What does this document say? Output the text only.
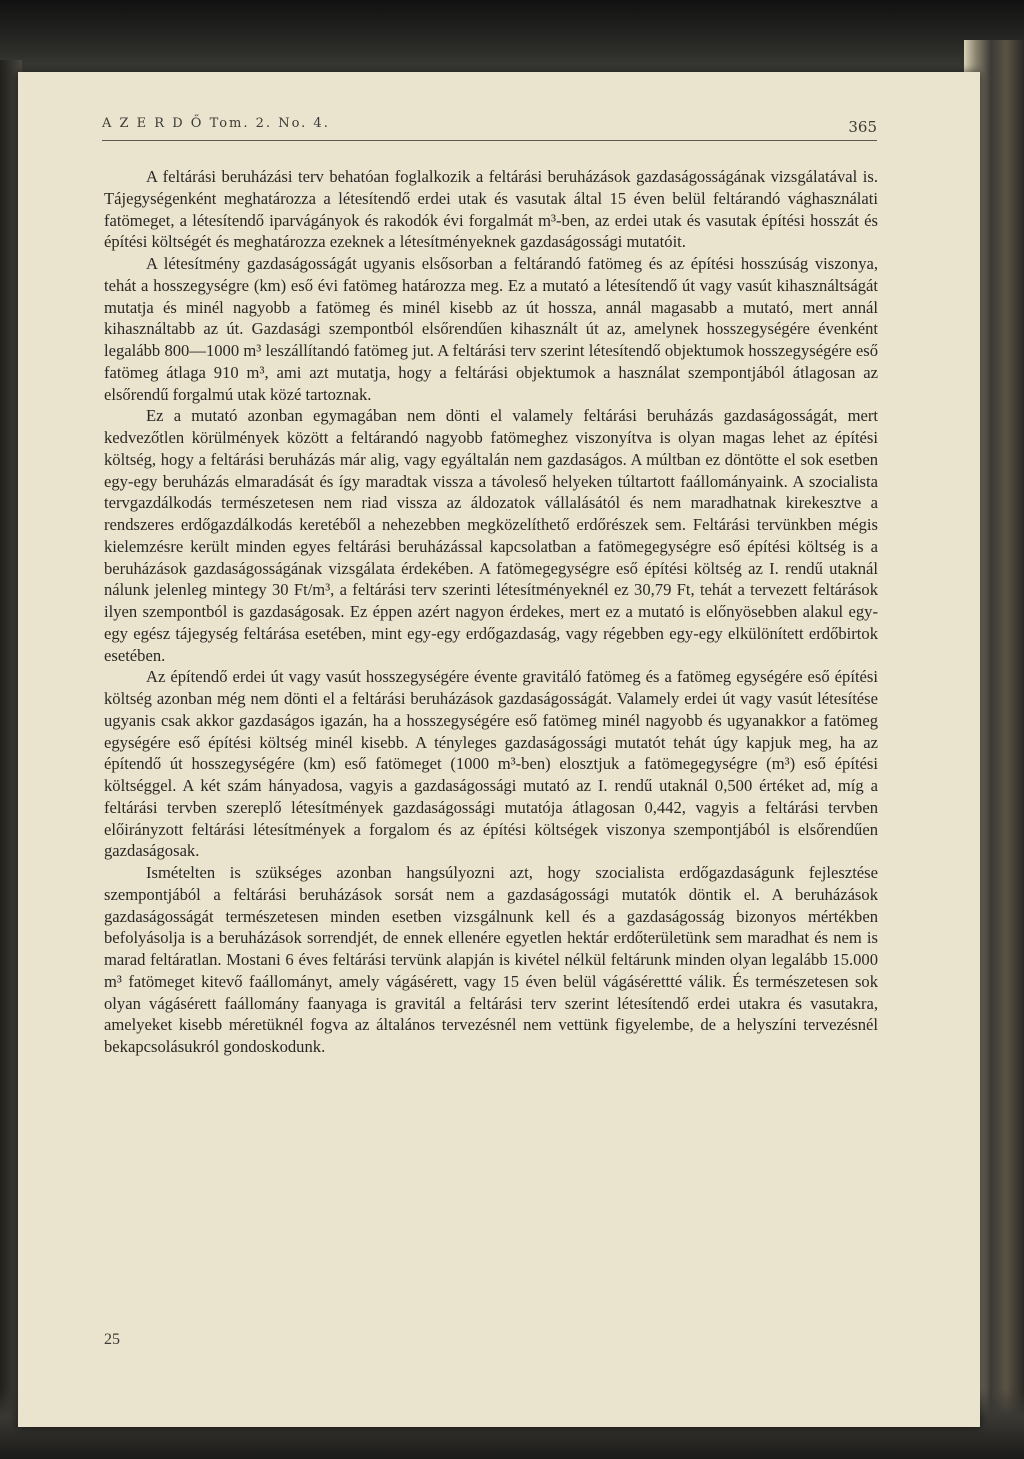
A Z E R D Ő Tom. 2. No. 4.	365

A feltárási beruházási terv behatóan foglalkozik a feltárási beruházások gazdaságosságának vizsgálatával is. Tájegységenként meghatározza a létesítendő erdei utak és vasutak által 15 éven belül feltárandó vághasználati fatömeget, a létesítendő iparvágányok és rakodók évi forgalmát m³-ben, az erdei utak és vasutak építési hosszát és építési költségét és meghatározza ezeknek a létesítményeknek gazdaságossági mutatóit.

A létesítmény gazdaságosságát ugyanis elsősorban a feltárandó fatömeg és az építési hosszúság viszonya, tehát a hosszegységre (km) eső évi fatömeg határozza meg. Ez a mutató a létesítendő út vagy vasút kihasználtságát mutatja és minél nagyobb a fatömeg és minél kisebb az út hossza, annál magasabb a mutató, mert annál kihasználtabb az út. Gazdasági szempontból elsőrendűen kihasznált út az, amelynek hosszegységére évenként legalább 800—1000 m³ leszállítandó fatömeg jut. A feltárási terv szerint létesítendő objektumok hosszegységére eső fatömeg átlaga 910 m³, ami azt mutatja, hogy a feltárási objektumok a használat szempontjából átlagosan az elsőrendű forgalmú utak közé tartoznak.

Ez a mutató azonban egymagában nem dönti el valamely feltárási beruházás gazdaságosságát, mert kedvezőtlen körülmények között a feltárandó nagyobb fatömeghez viszonyítva is olyan magas lehet az építési költség, hogy a feltárási beruházás már alig, vagy egyáltalán nem gazdaságos. A múltban ez döntötte el sok esetben egy-egy beruházás elmaradását és így maradtak vissza a távoleső helyeken túltartott faállományaink. A szocialista tervgazdálkodás természetesen nem riad vissza az áldozatok vállalásától és nem maradhatnak kirekesztve a rendszeres erdőgazdálkodás keretéből a nehezebben megközelíthető erdőrészek sem. Feltárási tervünkben mégis kielemzésre került minden egyes feltárási beruházással kapcsolatban a fatömegegységre eső építési költség is a beruházások gazdaságosságának vizsgálata érdekében. A fatömegegységre eső építési költség az I. rendű utaknál nálunk jelenleg mintegy 30 Ft/m³, a feltárási terv szerinti létesítményeknél ez 30,79 Ft, tehát a tervezett feltárások ilyen szempontból is gazdaságosak. Ez éppen azért nagyon érdekes, mert ez a mutató is előnyösebben alakul egy-egy egész tájegység feltárása esetében, mint egy-egy erdőgazdaság, vagy régebben egy-egy elkülönített erdőbirtok esetében.

Az építendő erdei út vagy vasút hosszegységére évente gravitáló fatömeg és a fatömeg egységére eső építési költség azonban még nem dönti el a feltárási beruházások gazdaságosságát. Valamely erdei út vagy vasút létesítése ugyanis csak akkor gazdaságos igazán, ha a hosszegységére eső fatömeg minél nagyobb és ugyanakkor a fatömeg egységére eső építési költség minél kisebb. A tényleges gazdaságossági mutatót tehát úgy kapjuk meg, ha az építendő út hosszegységére (km) eső fatömeget (1000 m³-ben) elosztjuk a fatömegegységre (m³) eső építési költséggel. A két szám hányadosa, vagyis a gazdaságossági mutató az I. rendű utaknál 0,500 értéket ad, míg a feltárási tervben szereplő létesítmények gazdaságossági mutatója átlagosan 0,442, vagyis a feltárási tervben előirányzott feltárási létesítmények a forgalom és az építési költségek viszonya szempontjából is elsőrendűen gazdaságosak.

Ismételten is szükséges azonban hangsúlyozni azt, hogy szocialista erdőgazdaságunk fejlesztése szempontjából a feltárási beruházások sorsát nem a gazdaságossági mutatók döntik el. A beruházások gazdaságosságát természetesen minden esetben vizsgálnunk kell és a gazdaságosság bizonyos mértékben befolyásolja is a beruházások sorrendjét, de ennek ellenére egyetlen hektár erdőterületünk sem maradhat és nem is marad feltáratlan. Mostani 6 éves feltárási tervünk alapján is kivétel nélkül feltárunk minden olyan legalább 15.000 m³ fatömeget kitevő faállományt, amely vágásérett, vagy 15 éven belül vágásérettté válik. És természetesen sok olyan vágásérett faállomány faanyaga is gravitál a feltárási terv szerint létesítendő erdei utakra és vasutakra, amelyeket kisebb méretüknél fogva az általános tervezésnél nem vettünk figyelembe, de a helyszíni tervezésnél bekapcsolásukról gondoskodunk.

25
